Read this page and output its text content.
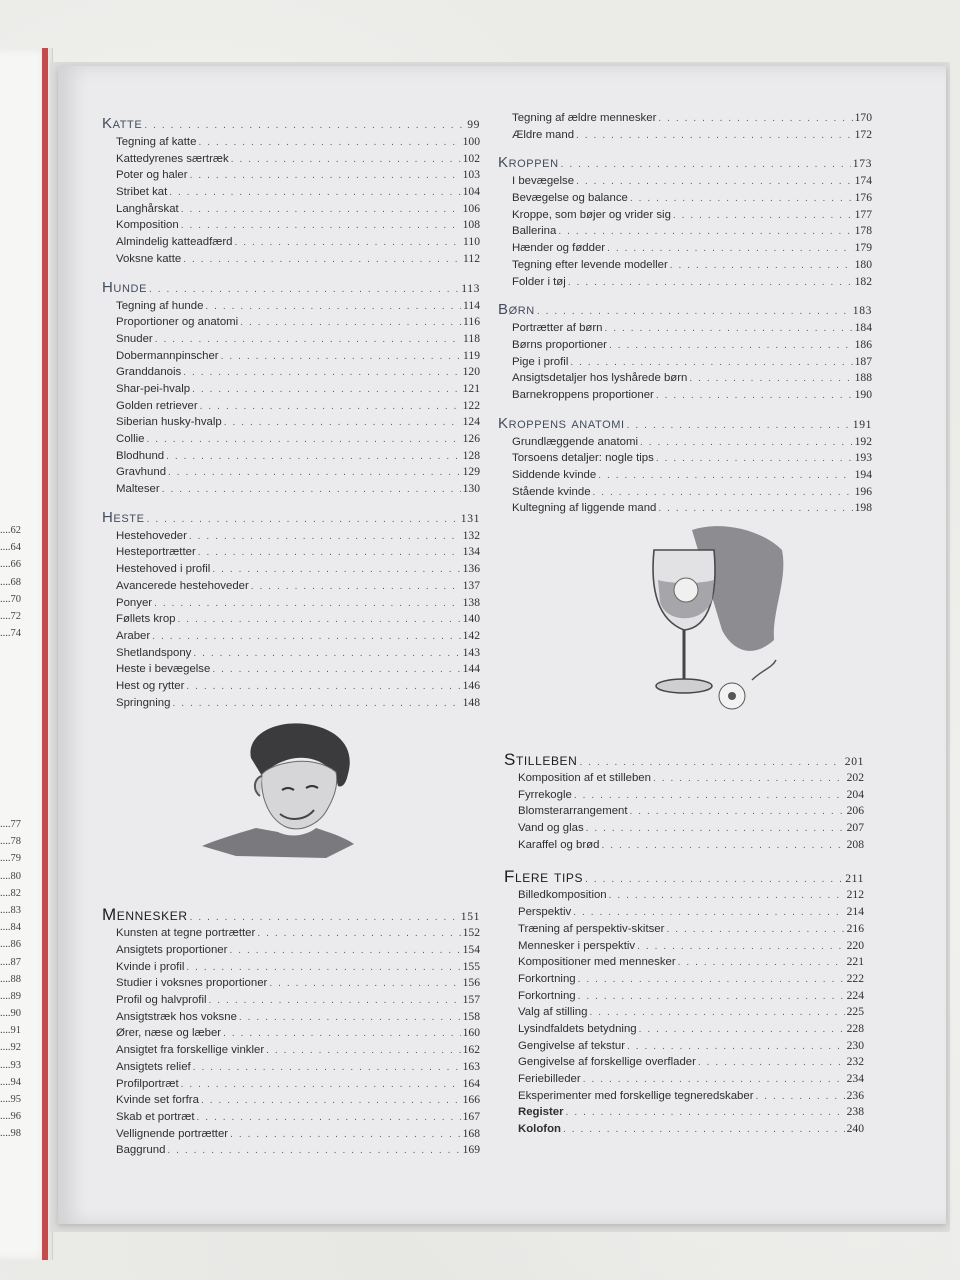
....62
....64
....66
....68
....70
....72
....74
....77
....78
....79
....80
....82
....83
....84
....86
....87
....88
....89
....90
....91
....92
....93
....94
....95
....96
....98
Katte . . .	99
Tegning af katte . . .	100
Kattedyrenes særtræk . . .	102
Poter og haler . . .	103
Stribet kat . . .	104
Langhårskat . . .	106
Komposition . . .	108
Almindelig katteadfærd . . .	110
Voksne katte . . .	112
Hunde . . .	113
Tegning af hunde . . .	114
Proportioner og anatomi . . .	116
Snuder . . .	118
Dobermannpinscher . . .	119
Granddanois . . .	120
Shar-pei-hvalp . . .	121
Golden retriever . . .	122
Siberian husky-hvalp . . .	124
Collie . . .	126
Blodhund . . .	128
Gravhund . . .	129
Malteser . . .	130
Heste . . .	131
Hestehoveder . . .	132
Hesteportrætter . . .	134
Hestehoved i profil . . .	136
Avancerede hestehoveder . . .	137
Ponyer . . .	138
Føllets krop . . .	140
Araber . . .	142
Shetlandspony . . .	143
Heste i bevægelse . . .	144
Hest og rytter . . .	146
Springning . . .	148
Mennesker . . .	151
Kunsten at tegne portrætter . . .	152
Ansigtets proportioner . . .	154
Kvinde i profil . . .	155
Studier i voksnes proportioner . . .	156
Profil og halvprofil . . .	157
Ansigtstræk hos voksne . . .	158
Ører, næse og læber . . .	160
Ansigtet fra forskellige vinkler . . .	162
Ansigtets relief . . .	163
Profilportræt . . .	164
Kvinde set forfra . . .	166
Skab et portræt . . .	167
Vellignende portrætter . . .	168
Baggrund . . .	169
Tegning af ældre mennesker . . .	170
Ældre mand . . .	172
Kroppen . . .	173
I bevægelse . . .	174
Bevægelse og balance . . .	176
Kroppe, som bøjer og vrider sig . . .	177
Ballerina . . .	178
Hænder og fødder . . .	179
Tegning efter levende modeller . . .	180
Folder i tøj . . .	182
Børn . . .	183
Portrætter af børn . . .	184
Børns proportioner . . .	186
Pige i profil . . .	187
Ansigtsdetaljer hos lyshårede børn . . .	188
Barnekroppens proportioner . . .	190
Kroppens anatomi . . .	191
Grundlæggende anatomi . . .	192
Torsoens detaljer: nogle tips . . .	193
Siddende kvinde . . .	194
Stående kvinde . . .	196
Kultegning af liggende mand . . .	198
Stilleben . . .	201
Komposition af et stilleben . . .	202
Fyrrekogle . . .	204
Blomsterarrangement . . .	206
Vand og glas . . .	207
Karaffel og brød . . .	208
Flere tips . . .	211
Billedkomposition . . .	212
Perspektiv . . .	214
Træning af perspektiv-skitser . . .	216
Mennesker i perspektiv . . .	220
Kompositioner med mennesker . . .	221
Forkortning . . .	222
Forkortning . . .	224
Valg af stilling . . .	225
Lysindfaldets betydning . . .	228
Gengivelse af tekstur . . .	230
Gengivelse af forskellige overflader . . .	232
Feriebilleder . . .	234
Eksperimenter med forskellige tegneredskaber . . .	236
Register . . .	238
Kolofon . . .	240
